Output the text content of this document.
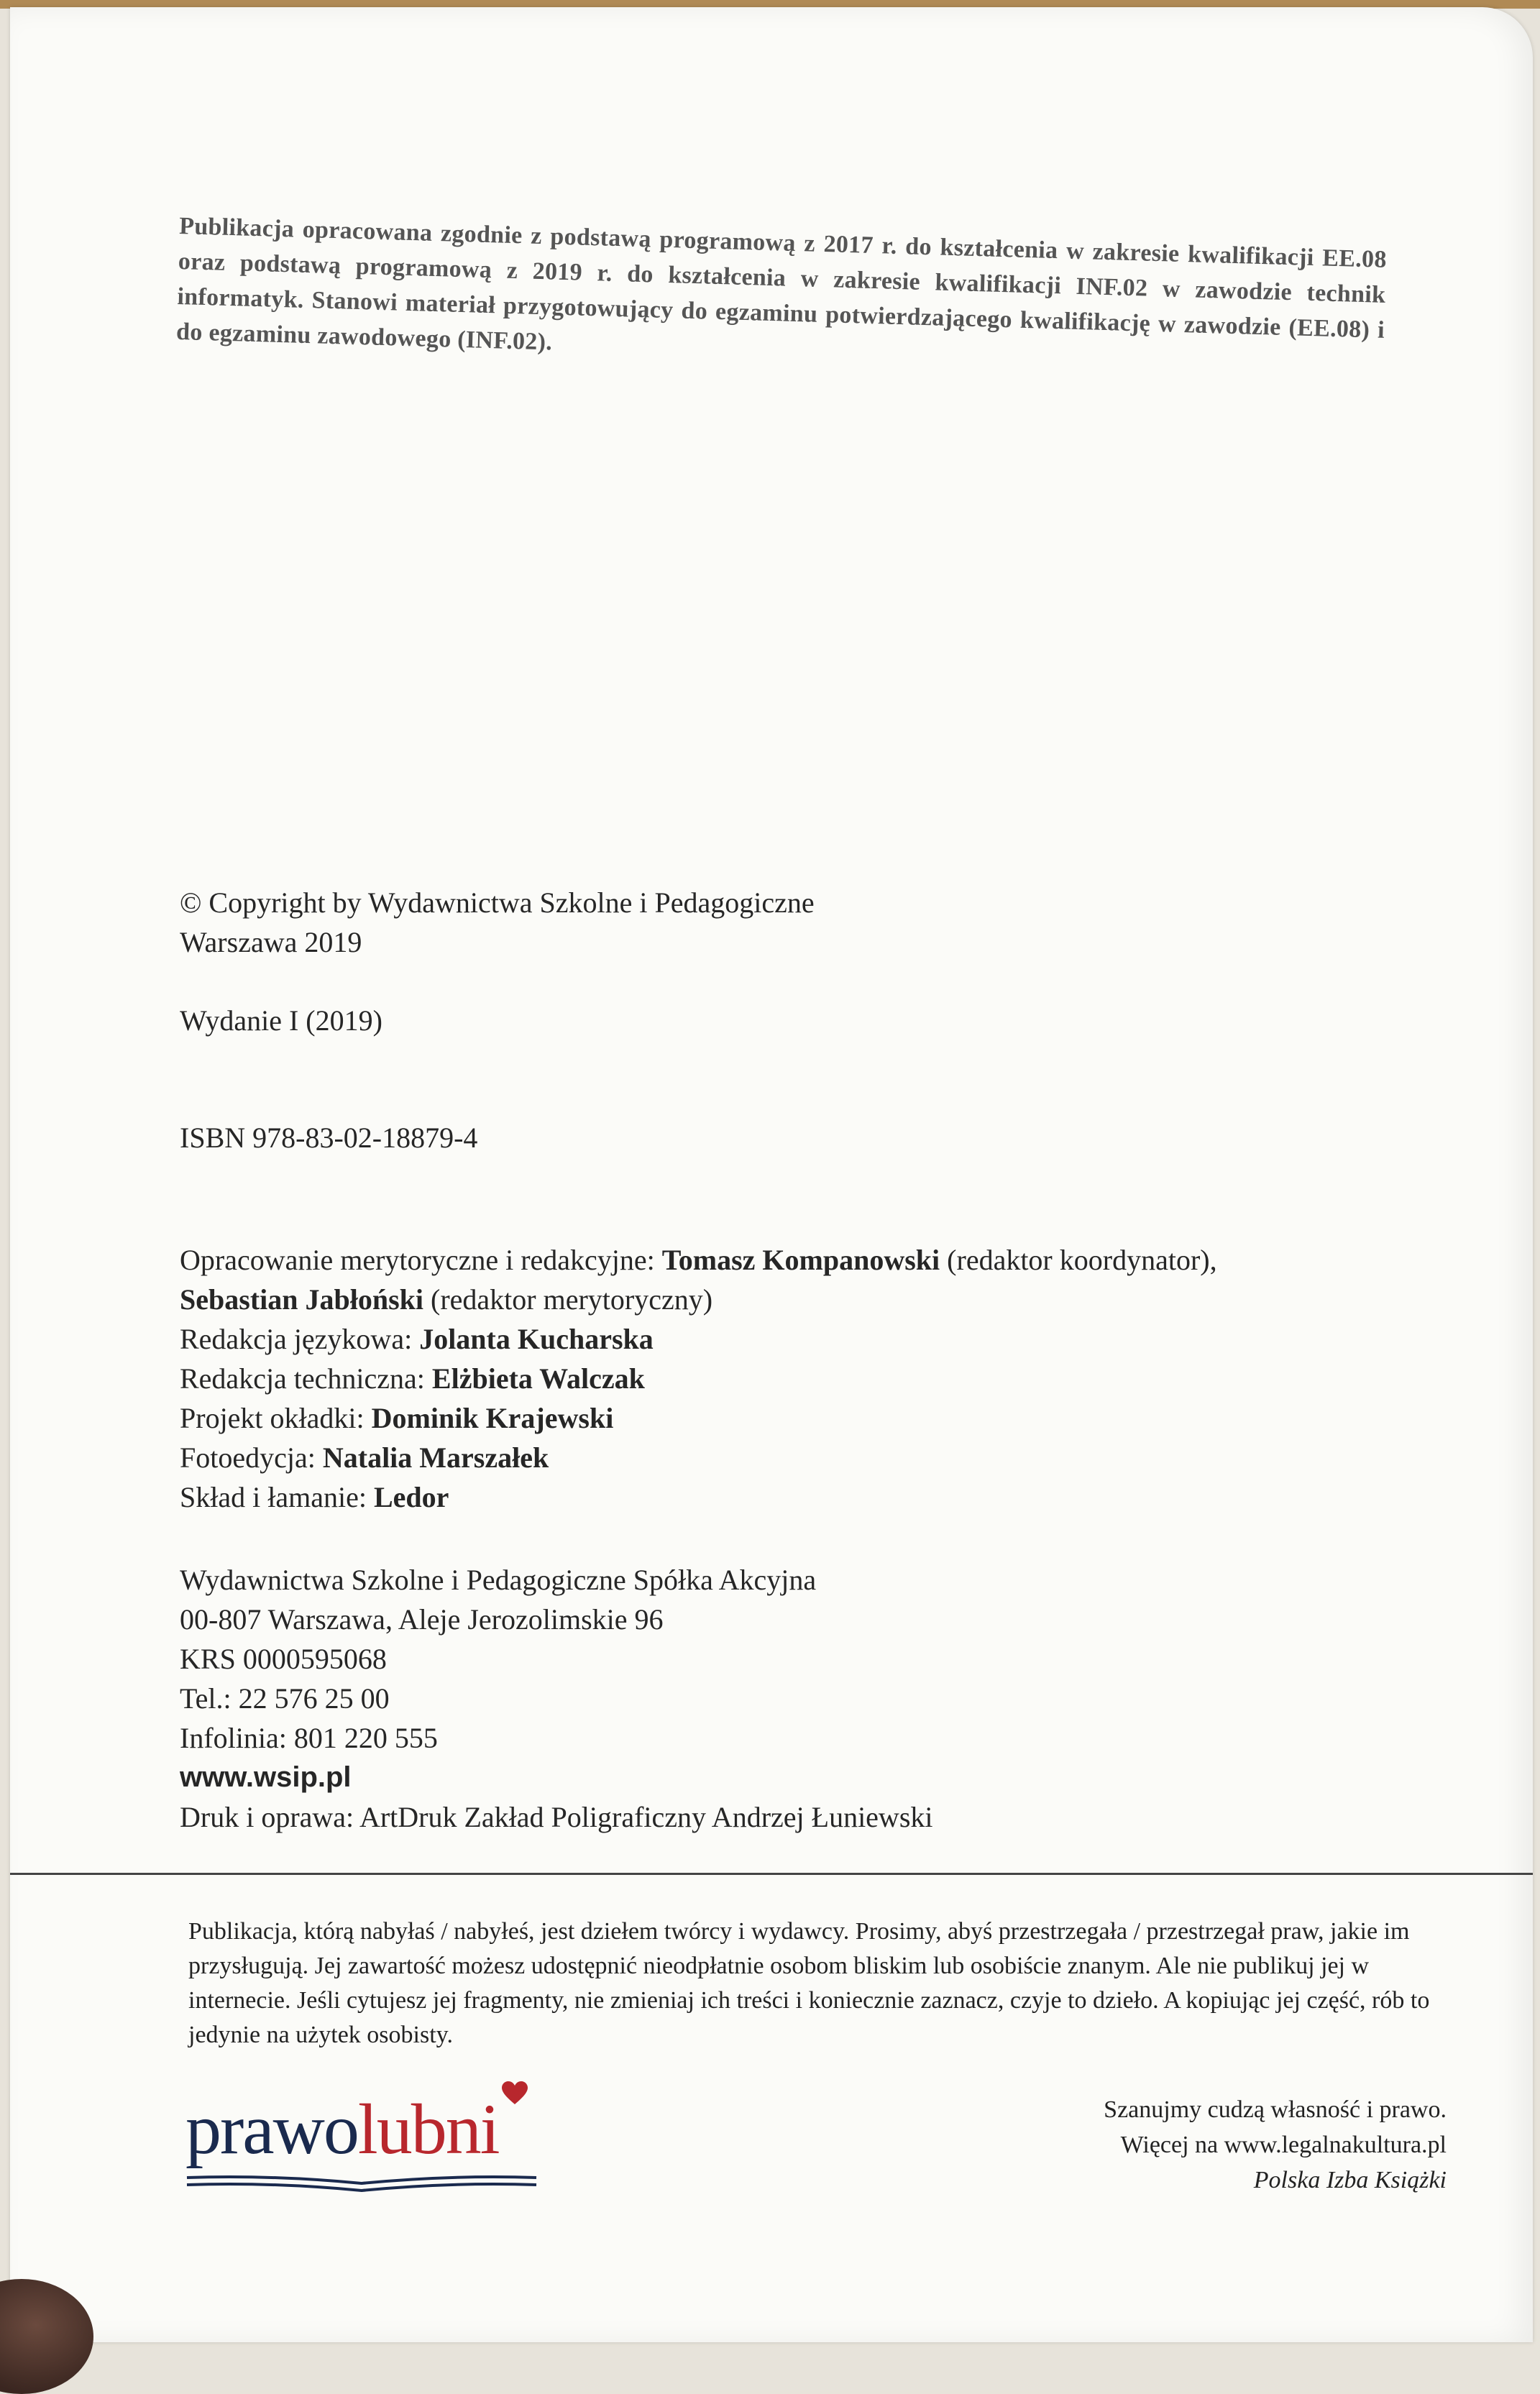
Publikacja opracowana zgodnie z podstawą programową z 2017 r. do kształcenia w zakresie kwalifikacji EE.08 oraz podstawą programową z 2019 r. do kształcenia w zakresie kwalifikacji INF.02 w zawodzie technik informatyk. Stanowi materiał przygotowujący do egzaminu potwierdzającego kwalifikację w zawodzie (EE.08) i do egzaminu zawodowego (INF.02).
© Copyright by Wydawnictwa Szkolne i Pedagogiczne
Warszawa 2019
Wydanie I (2019)
ISBN 978-83-02-18879-4
Opracowanie merytoryczne i redakcyjne: Tomasz Kompanowski (redaktor koordynator),
Sebastian Jabłoński (redaktor merytoryczny)
Redakcja językowa: Jolanta Kucharska
Redakcja techniczna: Elżbieta Walczak
Projekt okładki: Dominik Krajewski
Fotoedycja: Natalia Marszałek
Skład i łamanie: Ledor
Wydawnictwa Szkolne i Pedagogiczne Spółka Akcyjna
00-807 Warszawa, Aleje Jerozolimskie 96
KRS 0000595068
Tel.: 22 576 25 00
Infolinia: 801 220 555
www.wsip.pl
Druk i oprawa: ArtDruk Zakład Poligraficzny Andrzej Łuniewski
Publikacja, którą nabyłaś / nabyłeś, jest dziełem twórcy i wydawcy. Prosimy, abyś przestrzegała / przestrzegał praw, jakie im przysługują. Jej zawartość możesz udostępnić nieodpłatnie osobom bliskim lub osobiście znanym. Ale nie publikuj jej w internecie. Jeśli cytujesz jej fragmenty, nie zmieniaj ich treści i koniecznie zaznacz, czyje to dzieło. A kopiując jej część, rób to jedynie na użytek osobisty.
prawolubni	Szanujmy cudzą własność i prawo.
Więcej na www.legalnakultura.pl
Polska Izba Książki
